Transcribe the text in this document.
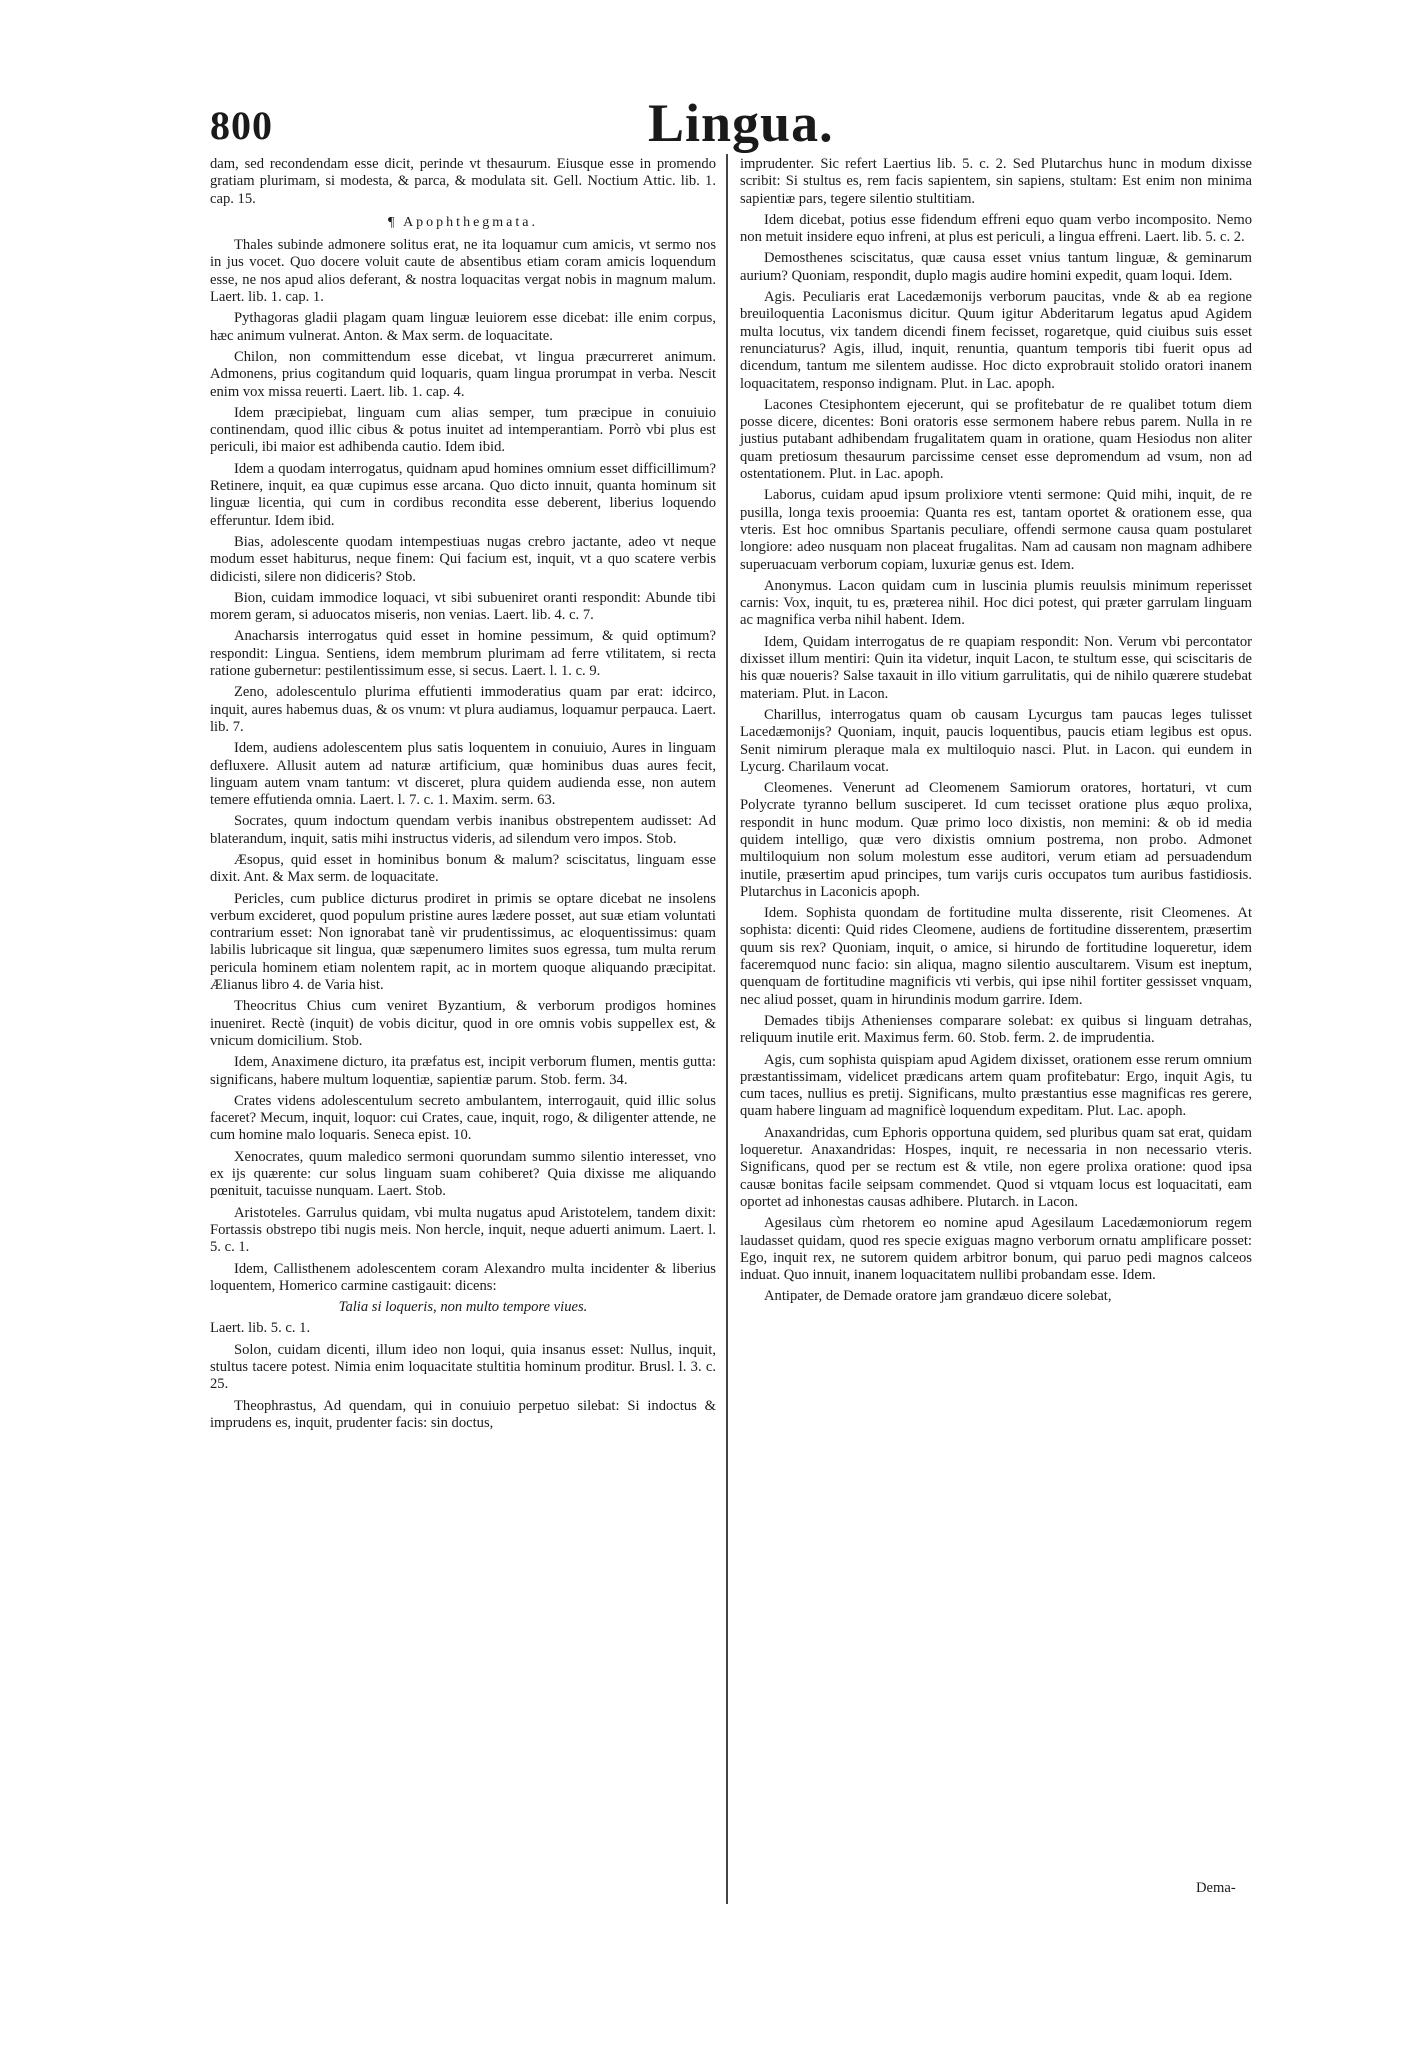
800	Lingua.

dam, sed recondendam esse dicit, perinde vt thesaurum. Eiusque esse in promendo gratiam plurimam, si modesta, & parca, & modulata sit. Gell. Noctium Attic. lib. 1. cap. 15.

¶ Apophthegmata.

Thales subinde admonere solitus erat, ne ita loquamur cum amicis, vt sermo nos in jus vocet. Quo docere voluit caute de absentibus etiam coram amicis loquendum esse, ne nos apud alios deferant, & nostra loquacitas vergat nobis in magnum malum. Laert. lib. 1. cap. 1.

Pythagoras gladii plagam quam linguæ leuiorem esse dicebat: ille enim corpus, hæc animum vulnerat. Anton. & Max serm. de loquacitate.

Chilon, non committendum esse dicebat, vt lingua præcurreret animum. Admonens, prius cogitandum quid loquaris, quam lingua prorumpat in verba. Nescit enim vox missa reuerti. Laert. lib. 1. cap. 4.

Idem præcipiebat, linguam cum alias semper, tum præcipue in conuiuio continendam, quod illic cibus & potus inuitet ad intemperantiam. Porrò vbi plus est periculi, ibi maior est adhibenda cautio. Idem ibid.

Idem a quodam interrogatus, quidnam apud homines omnium esset difficillimum? Retinere, inquit, ea quæ cupimus esse arcana. Quo dicto innuit, quanta hominum sit linguæ licentia, qui cum in cordibus recondita esse deberent, liberius loquendo efferuntur. Idem ibid.

Bias, adolescente quodam intempestiuas nugas crebro jactante, adeo vt neque modum esset habiturus, neque finem: Qui facium est, inquit, vt a quo scatere verbis didicisti, silere non didiceris? Stob.

Bion, cuidam immodice loquaci, vt sibi subueniret oranti respondit: Abunde tibi morem geram, si aduocatos miseris, non venias. Laert. lib. 4. c. 7.

Anacharsis interrogatus quid esset in homine pessimum, & quid optimum? respondit: Lingua. Sentiens, idem membrum plurimam ad ferre vtilitatem, si recta ratione gubernetur: pestilentissimum esse, si secus. Laert. l. 1. c. 9.

Zeno, adolescentulo plurima effutienti immoderatius quam par erat: idcirco, inquit, aures habemus duas, & os vnum: vt plura audiamus, loquamur perpauca. Laert. lib. 7.

Idem, audiens adolescentem plus satis loquentem in conuiuio, Aures in linguam defluxere. Allusit autem ad naturæ artificium, quæ hominibus duas aures fecit, linguam autem vnam tantum: vt disceret, plura quidem audienda esse, non autem temere effutienda omnia. Laert. l. 7. c. 1. Maxim. serm. 63.

Socrates, quum indoctum quendam verbis inanibus obstrepentem audisset: Ad blaterandum, inquit, satis mihi instructus videris, ad silendum vero impos. Stob.

Æsopus, quid esset in hominibus bonum & malum? sciscitatus, linguam esse dixit. Ant. & Max serm. de loquacitate.

Pericles, cum publice dicturus prodiret in primis se optare dicebat ne insolens verbum excideret, quod populum pristine aures lædere posset, aut suæ etiam voluntati contrarium esset: Non ignorabat tanè vir prudentissimus, ac eloquentissimus: quam labilis lubricaque sit lingua, quæ sæpenumero limites suos egressa, tum multa rerum pericula hominem etiam nolentem rapit, ac in mortem quoque aliquando præcipitat. Ælianus libro 4. de Varia hist.

Theocritus Chius cum veniret Byzantium, & verborum prodigos homines inueniret. Rectè (inquit) de vobis dicitur, quod in ore omnis vobis suppellex est, & vnicum domicilium. Stob.

Idem, Anaximene dicturo, ita præfatus est, incipit verborum flumen, mentis gutta: significans, habere multum loquentiæ, sapientiæ parum. Stob. ferm. 34.

Crates videns adolescentulum secreto ambulantem, interrogauit, quid illic solus faceret? Mecum, inquit, loquor: cui Crates, caue, inquit, rogo, & diligenter attende, ne cum homine malo loquaris. Seneca epist. 10.

Xenocrates, quum maledico sermoni quorundam summo silentio interesset, vno ex ijs quærente: cur solus linguam suam cohiberet? Quia dixisse me aliquando pœnituit, tacuisse nunquam. Laert. Stob.

Aristoteles. Garrulus quidam, vbi multa nugatus apud Aristotelem, tandem dixit: Fortassis obstrepo tibi nugis meis. Non hercle, inquit, neque aduerti animum. Laert. l. 5. c. 1.

Idem, Callisthenem adolescentem coram Alexandro multa incidenter & liberius loquentem, Homerico carmine castigauit: dicens:

Talia si loqueris, non multo tempore viues.

Laert. lib. 5. c. 1.

Solon, cuidam dicenti, illum ideo non loqui, quia insanus esset: Nullus, inquit, stultus tacere potest. Nimia enim loquacitate stultitia hominum proditur. Brusl. l. 3. c. 25.

Theophrastus, Ad quendam, qui in conuiuio perpetuo silebat: Si indoctus & imprudens es, inquit, prudenter facis: sin doctus,

imprudenter. Sic refert Laertius lib. 5. c. 2. Sed Plutarchus hunc in modum dixisse scribit: Si stultus es, rem facis sapientem, sin sapiens, stultam: Est enim non minima sapientiæ pars, tegere silentio stultitiam.

Idem dicebat, potius esse fidendum effreni equo quam verbo incomposito. Nemo non metuit insidere equo infreni, at plus est periculi, a lingua effreni. Laert. lib. 5. c. 2.

Demosthenes sciscitatus, quæ causa esset vnius tantum linguæ, & geminarum aurium? Quoniam, respondit, duplo magis audire homini expedit, quam loqui. Idem.

Agis. Peculiaris erat Lacedæmonijs verborum paucitas, vnde & ab ea regione breuiloquentia Laconismus dicitur. Quum igitur Abderitarum legatus apud Agidem multa locutus, vix tandem dicendi finem fecisset, rogaretque, quid ciuibus suis esset renunciaturus? Agis, illud, inquit, renuntia, quantum temporis tibi fuerit opus ad dicendum, tantum me silentem audisse. Hoc dicto exprobrauit stolido oratori inanem loquacitatem, responso indignam. Plut. in Lac. apoph.

Lacones Ctesiphontem ejecerunt, qui se profitebatur de re qualibet totum diem posse dicere, dicentes: Boni oratoris esse sermonem habere rebus parem. Nulla in re justius putabant adhibendam frugalitatem quam in oratione, quam Hesiodus non aliter quam pretiosum thesaurum parcissime censet esse depromendum ad vsum, non ad ostentationem. Plut. in Lac. apoph.

Laborus, cuidam apud ipsum prolixiore vtenti sermone: Quid mihi, inquit, de re pusilla, longa texis prooemia: Quanta res est, tantam oportet & orationem esse, qua vteris. Est hoc omnibus Spartanis peculiare, offendi sermone causa quam postularet longiore: adeo nusquam non placeat frugalitas. Nam ad causam non magnam adhibere superuacuam verborum copiam, luxuriæ genus est. Idem.

Anonymus. Lacon quidam cum in luscinia plumis reuulsis minimum reperisset carnis: Vox, inquit, tu es, præterea nihil. Hoc dici potest, qui præter garrulam linguam ac magnifica verba nihil habent. Idem.

Idem, Quidam interrogatus de re quapiam respondit: Non. Verum vbi percontator dixisset illum mentiri: Quin ita videtur, inquit Lacon, te stultum esse, qui sciscitaris de his quæ noueris? Salse taxauit in illo vitium garrulitatis, qui de nihilo quærere studebat materiam. Plut. in Lacon.

Charillus, interrogatus quam ob causam Lycurgus tam paucas leges tulisset Lacedæmonijs? Quoniam, inquit, paucis loquentibus, paucis etiam legibus est opus. Senit nimirum pleraque mala ex multiloquio nasci. Plut. in Lacon. qui eundem in Lycurg. Charilaum vocat.

Cleomenes. Venerunt ad Cleomenem Samiorum oratores, hortaturi, vt cum Polycrate tyranno bellum susciperet. Id cum tecisset oratione plus æquo prolixa, respondit in hunc modum. Quæ primo loco dixistis, non memini: & ob id media quidem intelligo, quæ vero dixistis omnium postrema, non probo. Admonet multiloquium non solum molestum esse auditori, verum etiam ad persuadendum inutile, præsertim apud principes, tum varijs curis occupatos tum auribus fastidiosis. Plutarchus in Laconicis apoph.

Idem. Sophista quondam de fortitudine multa disserente, risit Cleomenes. At sophista: dicenti: Quid rides Cleomene, audiens de fortitudine disserentem, præsertim quum sis rex? Quoniam, inquit, o amice, si hirundo de fortitudine loqueretur, idem faceremquod nunc facio: sin aliqua, magno silentio auscultarem. Visum est ineptum, quenquam de fortitudine magnificis vti verbis, qui ipse nihil fortiter gessisset vnquam, nec aliud posset, quam in hirundinis modum garrire. Idem.

Demades tibijs Athenienses comparare solebat: ex quibus si linguam detrahas, reliquum inutile erit. Maximus ferm. 60. Stob. ferm. 2. de imprudentia.

Agis, cum sophista quispiam apud Agidem dixisset, orationem esse rerum omnium præstantissimam, videlicet prædicans artem quam profitebatur: Ergo, inquit Agis, tu cum taces, nullius es pretij. Significans, multo præstantius esse magnificas res gerere, quam habere linguam ad magnificè loquendum expeditam. Plut. Lac. apoph.

Anaxandridas, cum Ephoris opportuna quidem, sed pluribus quam sat erat, quidam loqueretur. Anaxandridas: Hospes, inquit, re necessaria in non necessario vteris. Significans, quod per se rectum est & vtile, non egere prolixa oratione: quod ipsa causæ bonitas facile seipsam commendet. Quod si vtquam locus est loquacitati, eam oportet ad inhonestas causas adhibere. Plutarch. in Lacon.

Agesilaus cùm rhetorem eo nomine apud Agesilaum Lacedæmoniorum regem laudasset quidam, quod res specie exiguas magno verborum ornatu amplificare posset: Ego, inquit rex, ne sutorem quidem arbitror bonum, qui paruo pedi magnos calceos induat. Quo innuit, inanem loquacitatem nullibi probandam esse. Idem.

Antipater, de Demade oratore jam grandæuo dicere solebat,

Dema-
